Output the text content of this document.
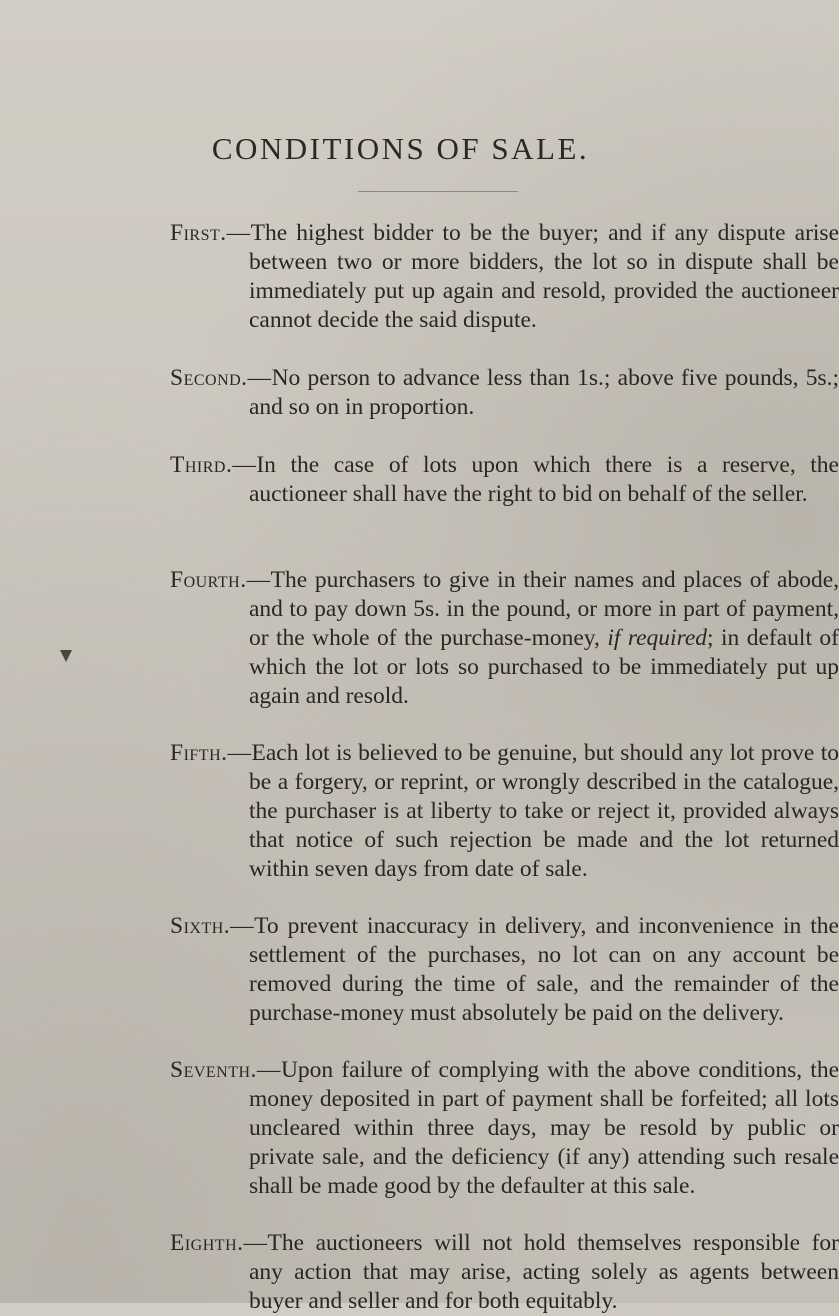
CONDITIONS OF SALE.

First.—The highest bidder to be the buyer; and if any dispute arise between two or more bidders, the lot so in dispute shall be immediately put up again and resold, provided the auctioneer cannot decide the said dispute.

Second.—No person to advance less than 1s.; above five pounds, 5s.; and so on in proportion.

Third.—In the case of lots upon which there is a reserve, the auctioneer shall have the right to bid on behalf of the seller.

Fourth.—The purchasers to give in their names and places of abode, and to pay down 5s. in the pound, or more in part of payment, or the whole of the purchase-money, if required; in default of which the lot or lots so purchased to be immediately put up again and resold.

Fifth.—Each lot is believed to be genuine, but should any lot prove to be a forgery, or reprint, or wrongly described in the catalogue, the purchaser is at liberty to take or reject it, provided always that notice of such rejection be made and the lot returned within seven days from date of sale.

Sixth.—To prevent inaccuracy in delivery, and inconvenience in the settlement of the purchases, no lot can on any account be removed during the time of sale, and the remainder of the purchase-money must absolutely be paid on the delivery.

Seventh.—Upon failure of complying with the above conditions, the money deposited in part of payment shall be forfeited; all lots uncleared within three days, may be resold by public or private sale, and the deficiency (if any) attending such resale shall be made good by the defaulter at this sale.

Eighth.—The auctioneers will not hold themselves responsible for any action that may arise, acting solely as agents between buyer and seller and for both equitably.
